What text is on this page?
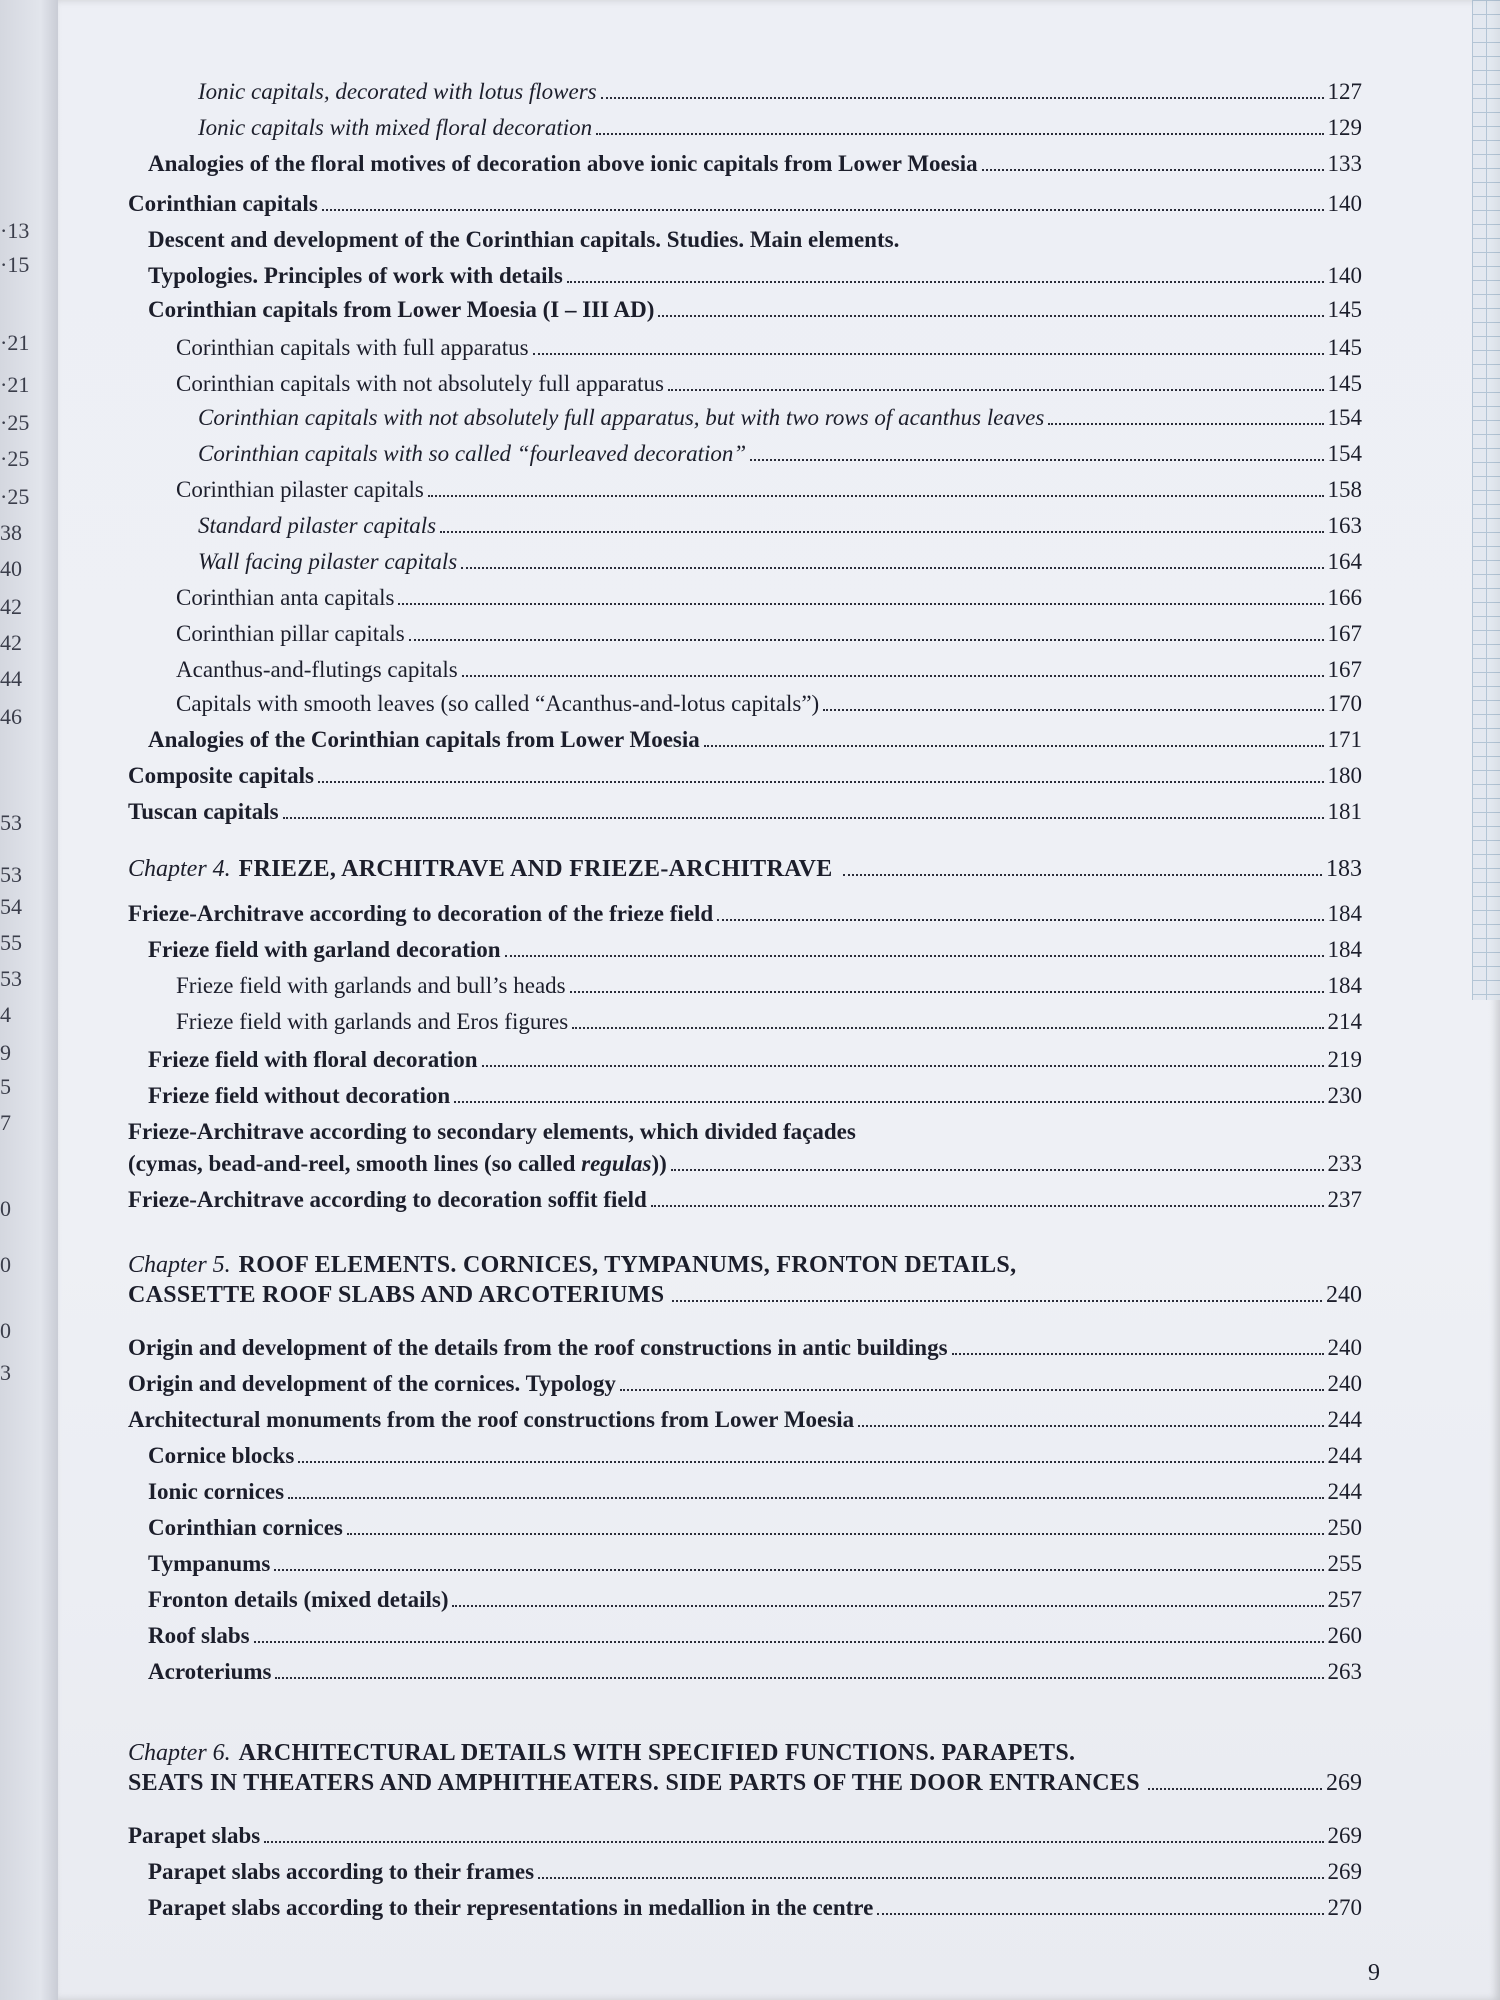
·13
·15
·21
·21
·25
·25
·25
38
40
42
42
44
46
53
53
54
55
53
4
9
5
7
0
0
0
3
Ionic capitals, decorated with lotus flowers	127
Ionic capitals with mixed floral decoration	129
Analogies of the floral motives of decoration above ionic capitals from Lower Moesia	133
Corinthian capitals	140
Descent and development of the Corinthian capitals. Studies. Main elements.
Typologies. Principles of work with details	140
Corinthian capitals from Lower Moesia (I – III AD)	145
Corinthian capitals with full apparatus	145
Corinthian capitals with not absolutely full apparatus	145
Corinthian capitals with not absolutely full apparatus, but with two rows of acanthus leaves	154
Corinthian capitals with so called “fourleaved decoration”	154
Corinthian pilaster capitals	158
Standard pilaster capitals	163
Wall facing pilaster capitals	164
Corinthian anta capitals	166
Corinthian pillar capitals	167
Acanthus-and-flutings capitals	167
Capitals with smooth leaves (so called “Acanthus-and-lotus capitals”)	170
Analogies of the Corinthian capitals from Lower Moesia	171
Composite capitals	180
Tuscan capitals	181
Chapter 4. FRIEZE, ARCHITRAVE AND FRIEZE-ARCHITRAVE	183
Frieze-Architrave according to decoration of the frieze field	184
Frieze field with garland decoration	184
Frieze field with garlands and bull’s heads	184
Frieze field with garlands and Eros figures	214
Frieze field with floral decoration	219
Frieze field without decoration	230
Frieze-Architrave according to secondary elements, which divided façades
(cymas, bead-and-reel, smooth lines (so called regulas))	233
Frieze-Architrave according to decoration soffit field	237
Chapter 5. ROOF ELEMENTS. CORNICES, TYMPANUMS, FRONTON DETAILS,
CASSETTE ROOF SLABS AND ARCOTERIUMS	240
Origin and development of the details from the roof constructions in antic buildings	240
Origin and development of the cornices. Typology	240
Architectural monuments from the roof constructions from Lower Moesia	244
Cornice blocks	244
Ionic cornices	244
Corinthian cornices	250
Tympanums	255
Fronton details (mixed details)	257
Roof slabs	260
Acroteriums	263
Chapter 6. ARCHITECTURAL DETAILS WITH SPECIFIED FUNCTIONS. PARAPETS.
SEATS IN THEATERS AND AMPHITHEATERS. SIDE PARTS OF THE DOOR ENTRANCES	269
Parapet slabs	269
Parapet slabs according to their frames	269
Parapet slabs according to their representations in medallion in the centre	270
9
